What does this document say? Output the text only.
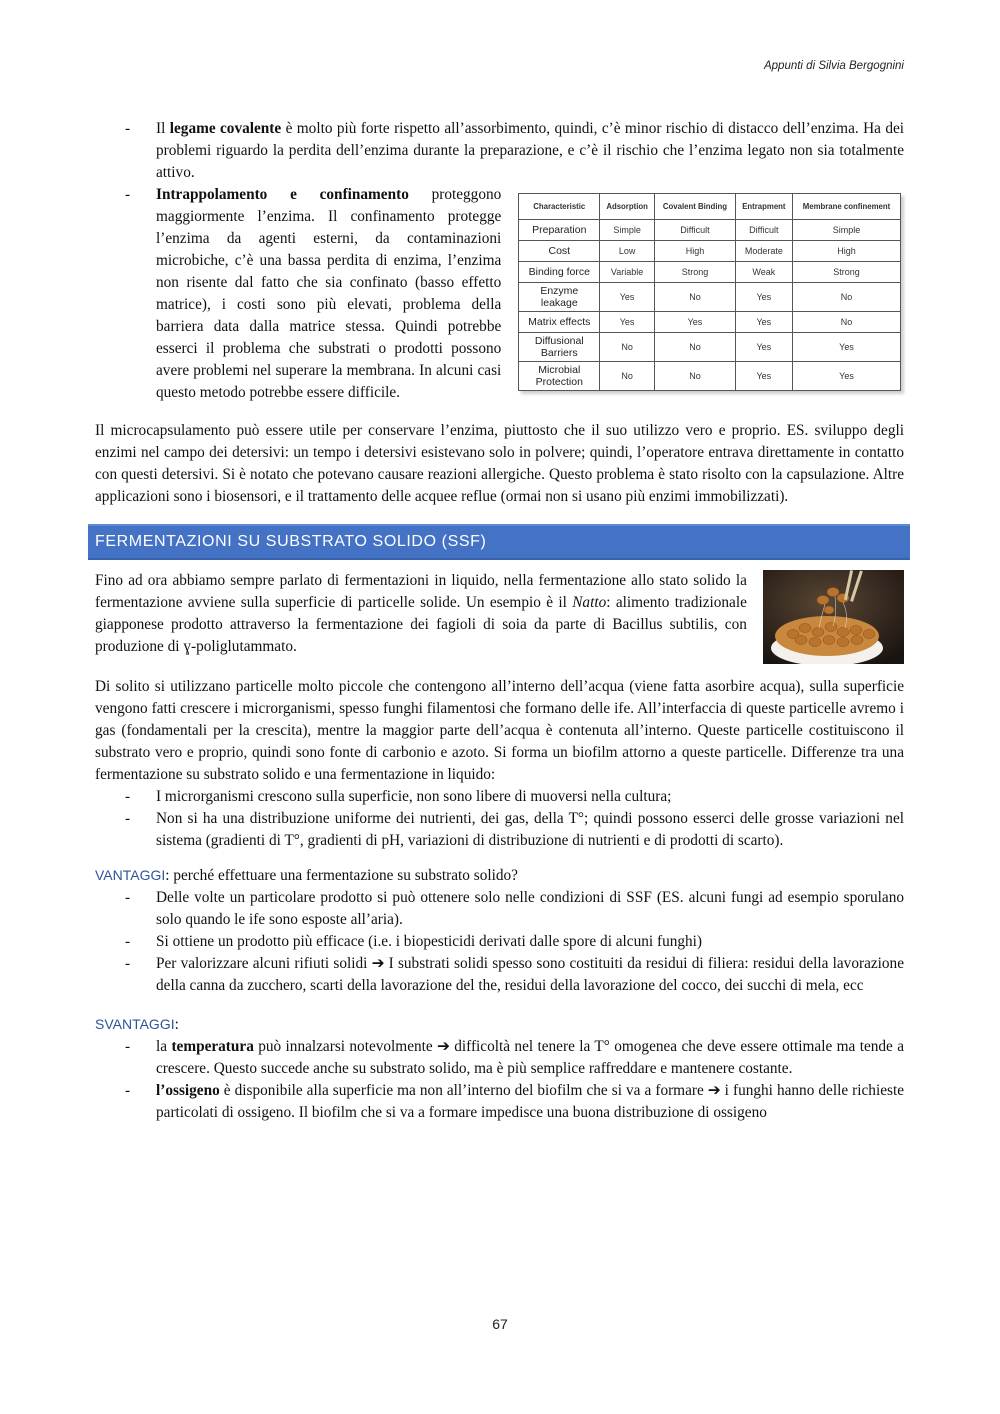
Appunti di Silvia Bergognini
- Il legame covalente è molto più forte rispetto all’assorbimento, quindi, c’è minor rischio di distacco dell’enzima. Ha dei problemi riguardo la perdita dell’enzima durante la preparazione, e c’è il rischio che l’enzima legato non sia totalmente attivo.
- Intrappolamento e confinamento proteggono maggiormente l’enzima. Il confinamento protegge l’enzima da agenti esterni, da contaminazioni microbiche, c’è una bassa perdita di enzima, l’enzima non risente dal fatto che sia confinato (basso effetto matrice), i costi sono più elevati, problema della barriera data dalla matrice stessa. Quindi potrebbe esserci il problema che substrati o prodotti possono avere problemi nel superare la membrana. In alcuni casi questo metodo potrebbe essere difficile.
Characteristic	Adsorption	Covalent Binding	Entrapment	Membrane confinement
Preparation	Simple	Difficult	Difficult	Simple
Cost	Low	High	Moderate	High
Binding force	Variable	Strong	Weak	Strong
Enzyme leakage	Yes	No	Yes	No
Matrix effects	Yes	Yes	Yes	No
Diffusional Barriers	No	No	Yes	Yes
Microbial Protection	No	No	Yes	Yes

Il microcapsulamento può essere utile per conservare l’enzima, piuttosto che il suo utilizzo vero e proprio. ES. sviluppo degli enzimi nel campo dei detersivi: un tempo i detersivi esistevano solo in polvere; quindi, l’operatore entrava direttamente in contatto con questi detersivi. Si è notato che potevano causare reazioni allergiche. Questo problema è stato risolto con la capsulazione. Altre applicazioni sono i biosensori, e il trattamento delle acquee reflue (ormai non si usano più enzimi immobilizzati).

FERMENTAZIONI SU SUBSTRATO SOLIDO (SSF)

Fino ad ora abbiamo sempre parlato di fermentazioni in liquido, nella fermentazione allo stato solido la fermentazione avviene sulla superficie di particelle solide. Un esempio è il Natto: alimento tradizionale giapponese prodotto attraverso la fermentazione dei fagioli di soia da parte di Bacillus subtilis, con produzione di ɣ-poliglutammato.

Di solito si utilizzano particelle molto piccole che contengono all’interno dell’acqua (viene fatta asorbire acqua), sulla superficie vengono fatti crescere i microrganismi, spesso funghi filamentosi che formano delle ife. All’interfaccia di queste particelle avremo i gas (fondamentali per la crescita), mentre la maggior parte dell’acqua è contenuta all’interno. Queste particelle costituiscono il substrato vero e proprio, quindi sono fonte di carbonio e azoto. Si forma un biofilm attorno a queste particelle. Differenze tra una fermentazione su substrato solido e una fermentazione in liquido:

- I microrganismi crescono sulla superficie, non sono libere di muoversi nella cultura;
- Non si ha una distribuzione uniforme dei nutrienti, dei gas, della T°; quindi possono esserci delle grosse variazioni nel sistema (gradienti di T°, gradienti di pH, variazioni di distribuzione di nutrienti e di prodotti di scarto).

VANTAGGI: perché effettuare una fermentazione su substrato solido?

- Delle volte un particolare prodotto si può ottenere solo nelle condizioni di SSF (ES. alcuni fungi ad esempio sporulano solo quando le ife sono esposte all’aria).
- Si ottiene un prodotto più efficace (i.e. i biopesticidi derivati dalle spore di alcuni funghi)
- Per valorizzare alcuni rifiuti solidi ➔ I substrati solidi spesso sono costituiti da residui di filiera: residui della lavorazione della canna da zucchero, scarti della lavorazione del the, residui della lavorazione del cocco, dei succhi di mela, ecc

SVANTAGGI:

- la temperatura può innalzarsi notevolmente ➔ difficoltà nel tenere la T° omogenea che deve essere ottimale ma tende a crescere. Questo succede anche su substrato solido, ma è più semplice raffreddare e mantenere costante.
- l’ossigeno è disponibile alla superficie ma non all’interno del biofilm che si va a formare ➔ i funghi hanno delle richieste particolati di ossigeno. Il biofilm che si va a formare impedisce una buona distribuzione di ossigeno
67
